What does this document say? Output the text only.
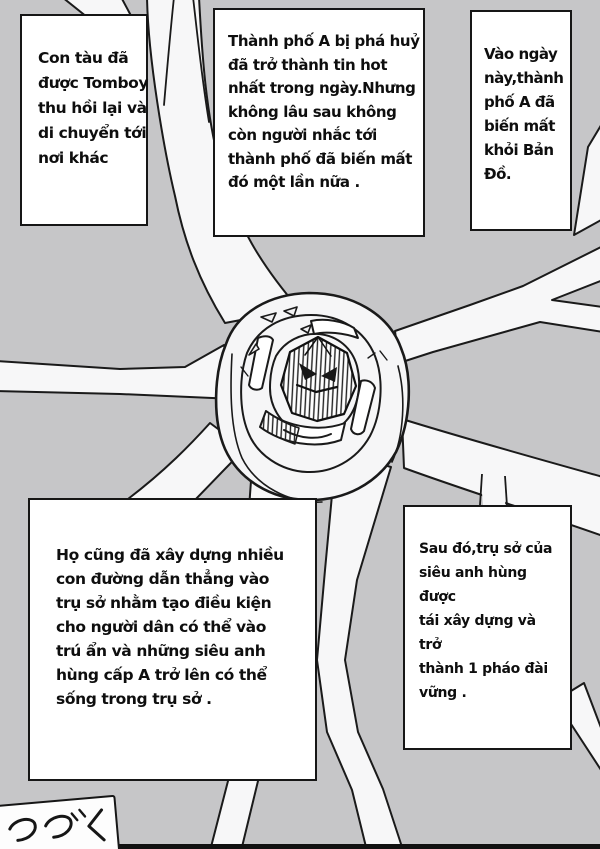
Con tàu đã
được Tomboy
thu hồi lại và
di chuyển tới
nơi khác
Thành phố A bị phá huỷ
đã trở thành tin hot
nhất trong ngày.Nhưng
không lâu sau không
còn người nhắc tới
thành phố đã biến mất
đó một lần nữa .
Vào ngày
này,thành
phố A đã
biến mất
khỏi Bản
Đồ.
Họ cũng đã xây dựng nhiều
con đường dẫn thẳng vào
trụ sở nhằm tạo điều kiện
cho người dân có thể vào
trú ẩn và những siêu anh
hùng cấp A trở lên có thể
sống trong trụ sở .
Sau đó,trụ sở của
siêu anh hùng
được
tái xây dựng và
trở
thành 1 pháo đài
vững .
